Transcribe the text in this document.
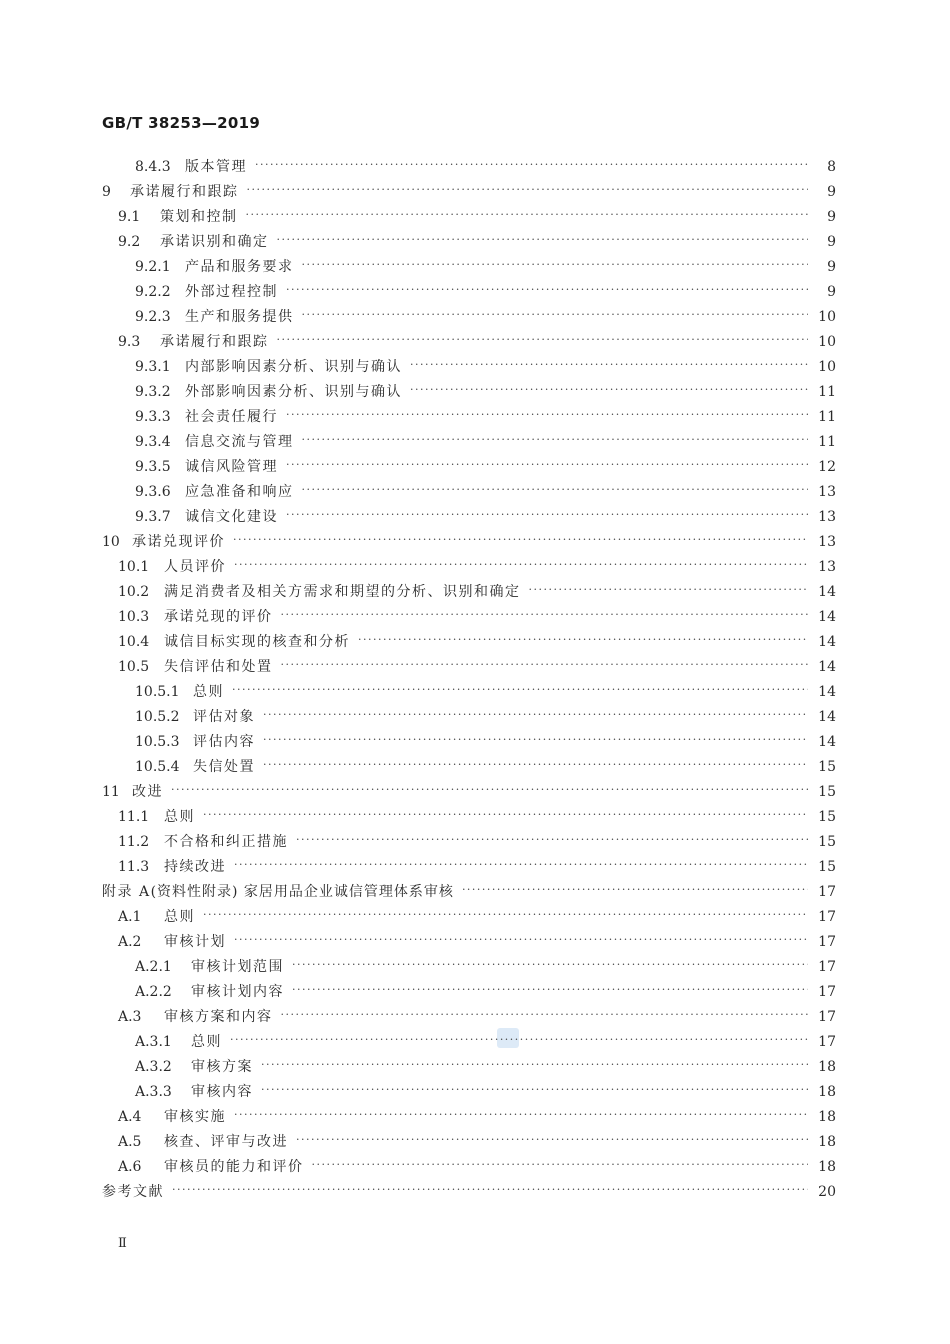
GB/T 38253—2019
8.4.3	版本管理 ·····	8
9	承诺履行和跟踪 ·····	9
9.1	策划和控制 ·····	9
9.2	承诺识别和确定 ·····	9
9.2.1	产品和服务要求 ·····	9
9.2.2	外部过程控制 ·····	9
9.2.3	生产和服务提供 ·····	10
9.3	承诺履行和跟踪 ·····	10
9.3.1	内部影响因素分析、识别与确认 ·····	10
9.3.2	外部影响因素分析、识别与确认 ·····	11
9.3.3	社会责任履行 ·····	11
9.3.4	信息交流与管理 ·····	11
9.3.5	诚信风险管理 ·····	12
9.3.6	应急准备和响应 ·····	13
9.3.7	诚信文化建设 ·····	13
10 承诺兑现评价 ·····	13
10.1	人员评价 ·····	13
10.2	满足消费者及相关方需求和期望的分析、识别和确定 ·····	14
10.3	承诺兑现的评价 ·····	14
10.4	诚信目标实现的核查和分析 ·····	14
10.5	失信评估和处置 ·····	14
10.5.1 总则 ·····	14
10.5.2 评估对象 ·····	14
10.5.3 评估内容 ·····	14
10.5.4 失信处置 ·····	15
11 改进 ·····	15
11.1	总则 ·····	15
11.2	不合格和纠正措施 ·····	15
11.3	持续改进 ·····	15
附录 A (资料性附录) 家居用品企业诚信管理体系审核 ·····	17
A.1	总则 ·····	17
A.2	审核计划 ·····	17
A.2.1	审核计划范围 ·····	17
A.2.2	审核计划内容 ·····	17
A.3	审核方案和内容 ·····	17
A.3.1	总则 ·····	17
A.3.2	审核方案 ·····	18
A.3.3	审核内容 ·····	18
A.4	审核实施 ·····	18
A.5	核查、评审与改进 ·····	18
A.6	审核员的能力和评价 ·····	18
参考文献 ·····	20
Ⅱ
